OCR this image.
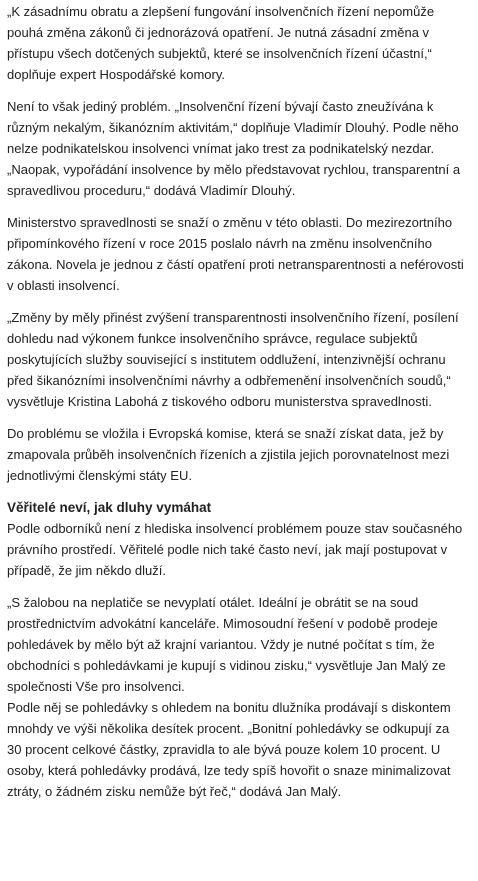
„K zásadnímu obratu a zlepšení fungování insolvenčních řízení nepomůže pouhá změna zákonů či jednorázová opatření. Je nutná zásadní změna v přístupu všech dotčených subjektů, které se insolvenčních řízení účastní,“ doplňuje expert Hospodářské komory.

Není to však jediný problém. „Insolvenční řízení bývají často zneužívána k různým nekalým, šikanózním aktivitám,“ doplňuje Vladimír Dlouhý. Podle něho nelze podnikatelskou insolvenci vnímat jako trest za podnikatelský nezdar. „Naopak, vypořádání insolvence by mělo představovat rychlou, transparentní a spravedlivou proceduru,“ dodává Vladimír Dlouhý.

Ministerstvo spravedlnosti se snaží o změnu v této oblasti. Do mezirezortního připomínkového řízení v roce 2015 poslalo návrh na změnu insolvenčního zákona. Novela je jednou z částí opatření proti netransparentnosti a neférovosti v oblasti insolvencí.

„Změny by měly přinést zvýšení transparentnosti insolvenčního řízení, posílení dohledu nad výkonem funkce insolvenčního správce, regulace subjektů poskytujících služby související s institutem oddlužení, intenzivnější ochranu před šikanózními insolvenčními návrhy a odbřemenění insolvenčních soudů,“ vysvětluje Kristina Labohá z tiskového odboru munisterstva spravedlnosti.

Do problému se vložila i Evropská komise, která se snaží získat data, jež by zmapovala průběh insolvenčních řízeních a zjistila jejich porovnatelnost mezi jednotlivými členskými státy EU.

Věřitelé neví, jak dluhy vymáhat

Podle odborníků není z hlediska insolvencí problémem pouze stav současného právního prostředí. Věřitelé podle nich také často neví, jak mají postupovat v případě, že jim někdo dluží.

„S žalobou na neplatiče se nevyplatí otálet. Ideální je obrátit se na soud prostřednictvím advokátní kanceláře. Mimosoudní řešení v podobě prodeje pohledávek by mělo být až krajní variantou. Vždy je nutné počítat s tím, že obchodníci s pohledávkami je kupují s vidinou zisku,“ vysvětluje Jan Malý ze společnosti Vše pro insolvenci.

Podle něj se pohledávky s ohledem na bonitu dlužníka prodávají s diskontem mnohdy ve výši několika desítek procent. „Bonitní pohledávky se odkupují za 30 procent celkové částky, zpravidla to ale bývá pouze kolem 10 procent. U osoby, která pohledávky prodává, lze tedy spíš hovořit o snaze minimalizovat ztráty, o žádném zisku nemůže být řeč,“ dodává Jan Malý.
